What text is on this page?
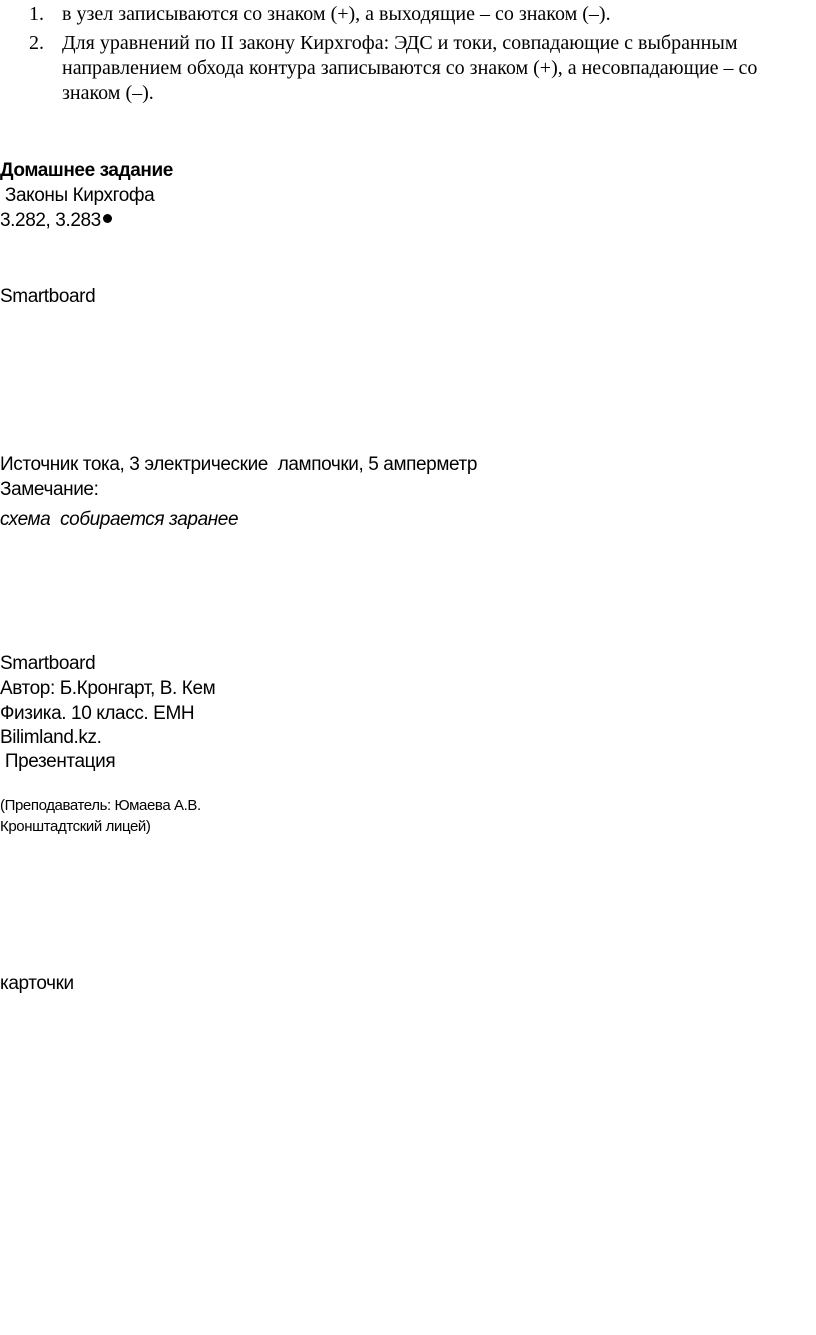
1. в узел записываются со знаком (+), а выходящие – со знаком (–).
2. Для уравнений по II закону Кирхгофа: ЭДС и токи, совпадающие с выбранным направлением обхода контура записываются со знаком (+), а несовпадающие – со знаком (–).
Домашнее задание
Законы Кирхгофа
3.282, 3.283
Smartboard
Источник тока, 3 электрические  лампочки, 5 амперметр
Замечание:
схема  собирается заранее
Smartboard
Автор: Б.Кронгарт, В. Кем
Физика. 10 класс. ЕМН
Bilimland.kz.
Презентация
(Преподаватель: Юмаева А.В.
Кронштадтский лицей)
карточки
